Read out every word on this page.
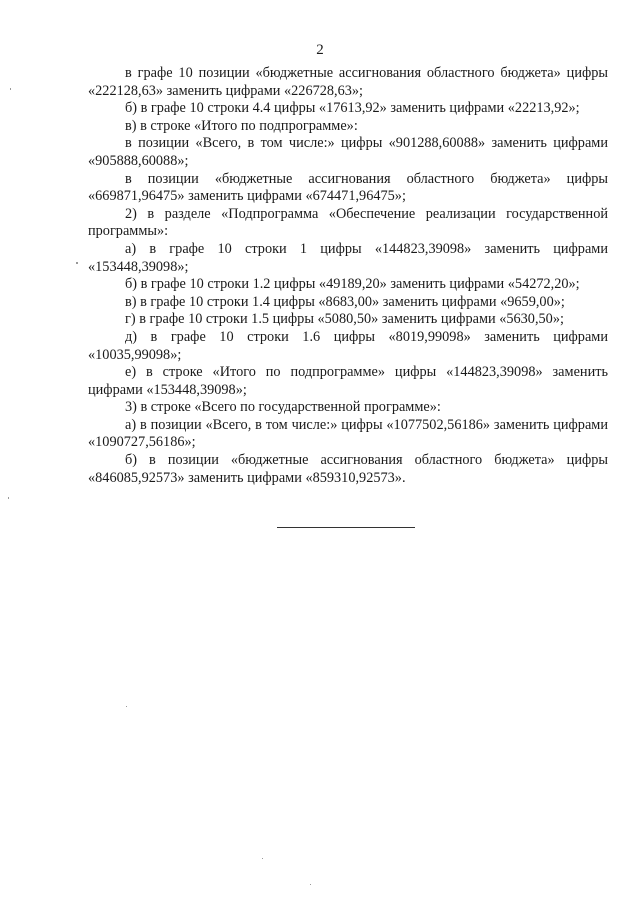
2

в графе 10 позиции «бюджетные ассигнования областного бюджета» цифры «222128,63» заменить цифрами «226728,63»;

б) в графе 10 строки 4.4 цифры «17613,92» заменить цифрами «22213,92»;

в) в строке «Итого по подпрограмме»:

в позиции «Всего, в том числе:» цифры «901288,60088» заменить цифрами «905888,60088»;

в позиции «бюджетные ассигнования областного бюджета» цифры «669871,96475» заменить цифрами «674471,96475»;

2) в разделе «Подпрограмма «Обеспечение реализации государственной программы»:

а) в графе 10 строки 1 цифры «144823,39098» заменить цифрами «153448,39098»;

б) в графе 10 строки 1.2 цифры «49189,20» заменить цифрами «54272,20»;

в) в графе 10 строки 1.4 цифры «8683,00» заменить цифрами «9659,00»;

г) в графе 10 строки 1.5 цифры «5080,50» заменить цифрами «5630,50»;

д) в графе 10 строки 1.6 цифры «8019,99098» заменить цифрами «10035,99098»;

е) в строке «Итого по подпрограмме» цифры «144823,39098» заменить цифрами «153448,39098»;

3) в строке «Всего по государственной программе»:

а) в позиции «Всего, в том числе:» цифры «1077502,56186» заменить цифрами «1090727,56186»;

б) в позиции «бюджетные ассигнования областного бюджета» цифры «846085,92573» заменить цифрами «859310,92573».
